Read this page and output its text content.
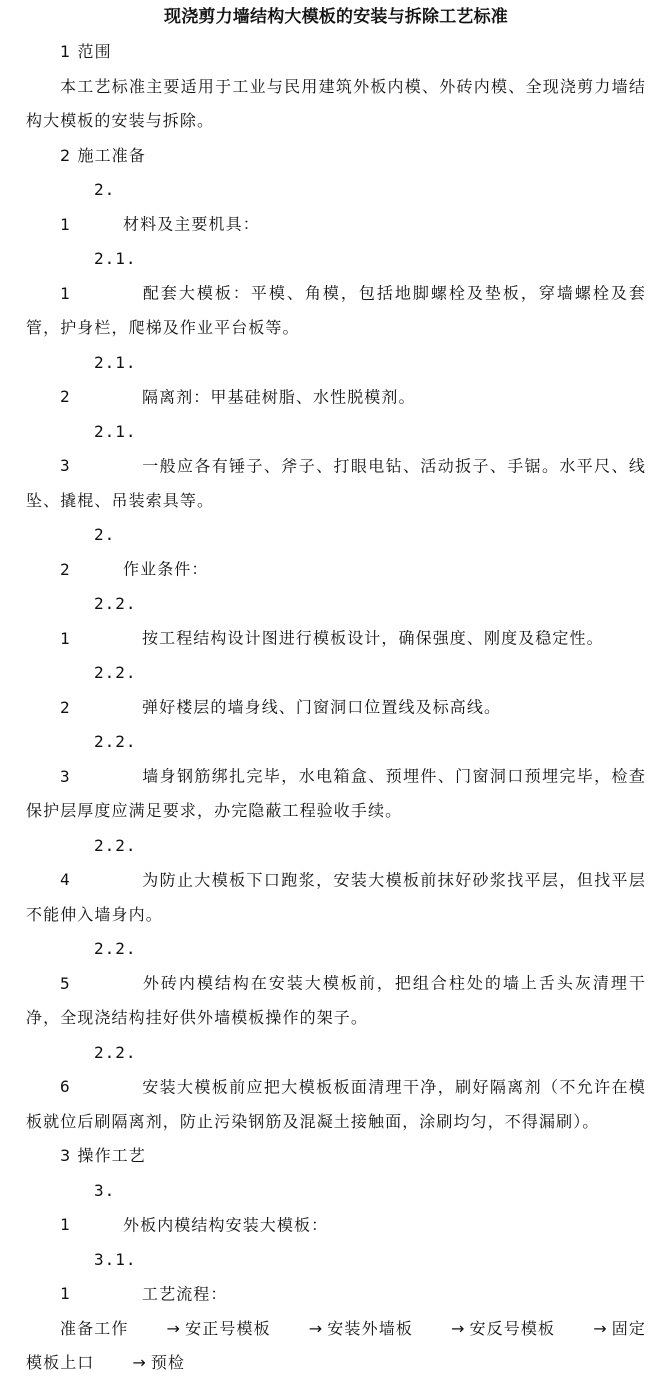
现浇剪力墙结构大模板的安装与拆除工艺标准
1 范围
本工艺标准主要适用于工业与民用建筑外板内模、外砖内模、全现浇剪力墙结构大模板的安装与拆除。
2 施工准备
2.1	材料及主要机具：
2.1.1	配套大模板：平模、角模，包括地脚螺栓及垫板，穿墙螺栓及套管，护身栏，爬梯及作业平台板等。
2.1.2	隔离剂：甲基硅树脂、水性脱模剂。
2.1.3	一般应各有锤子、斧子、打眼电钻、活动扳子、手锯。水平尺、线坠、撬棍、吊装索具等。
2.2	作业条件：
2.2.1	按工程结构设计图进行模板设计，确保强度、刚度及稳定性。
2.2.2	弹好楼层的墙身线、门窗洞口位置线及标高线。
2.2.3	墙身钢筋绑扎完毕，水电箱盒、预埋件、门窗洞口预埋完毕，检查保护层厚度应满足要求，办完隐蔽工程验收手续。
2.2.4	为防止大模板下口跑浆，安装大模板前抹好砂浆找平层，但找平层不能伸入墙身内。
2.2.5	外砖内模结构在安装大模板前，把组合柱处的墙上舌头灰清理干净，全现浇结构挂好供外墙模板操作的架子。
2.2.6	安装大模板前应把大模板板面清理干净，刷好隔离剂（不允许在模板就位后刷隔离剂，防止污染钢筋及混凝土接触面，涂刷均匀，不得漏刷）。
3 操作工艺
3.1	外板内模结构安装大模板：
3.1.1	工艺流程：
准备工作 → 安正号模板 → 安装外墙板 → 安反号模板 → 固定模板上口 → 预检
